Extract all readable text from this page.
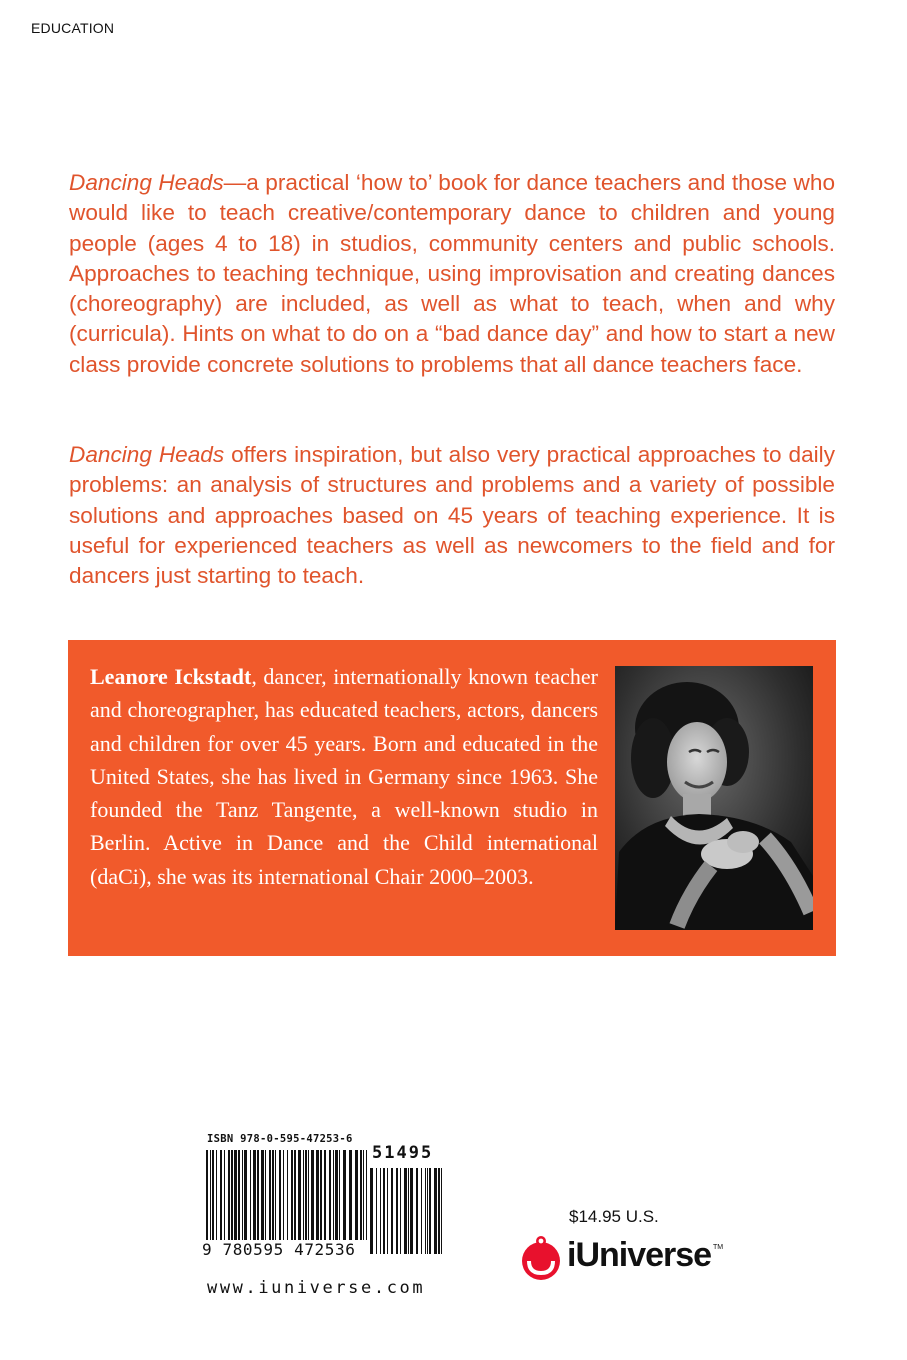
EDUCATION

Dancing Heads—a practical ‘how to’ book for dance teachers and those who would like to teach creative/contemporary dance to children and young people (ages 4 to 18) in studios, community centers and public schools. Approaches to teaching technique, using improvisation and creating dances (choreography) are included, as well as what to teach, when and why (curricula). Hints on what to do on a “bad dance day” and how to start a new class provide concrete solutions to problems that all dance teachers face.

Dancing Heads offers inspiration, but also very practical approaches to daily problems: an analysis of structures and problems and a variety of possible solutions and approaches based on 45 years of teaching experience. It is useful for experienced teachers as well as newcomers to the field and for dancers just starting to teach.

Leanore Ickstadt, dancer, internationally known teacher and choreographer, has educated teachers, actors, dancers and children for over 45 years. Born and educated in the United States, she has lived in Germany since 1963. She founded the Tanz Tangente, a well-known studio in Berlin. Active in Dance and the Child international (daCi), she was its international Chair 2000–2003.

ISBN 978-0-595-47253-6
51495
9 780595 472536
www.iuniverse.com
$14.95 U.S.
iUniverse TM
